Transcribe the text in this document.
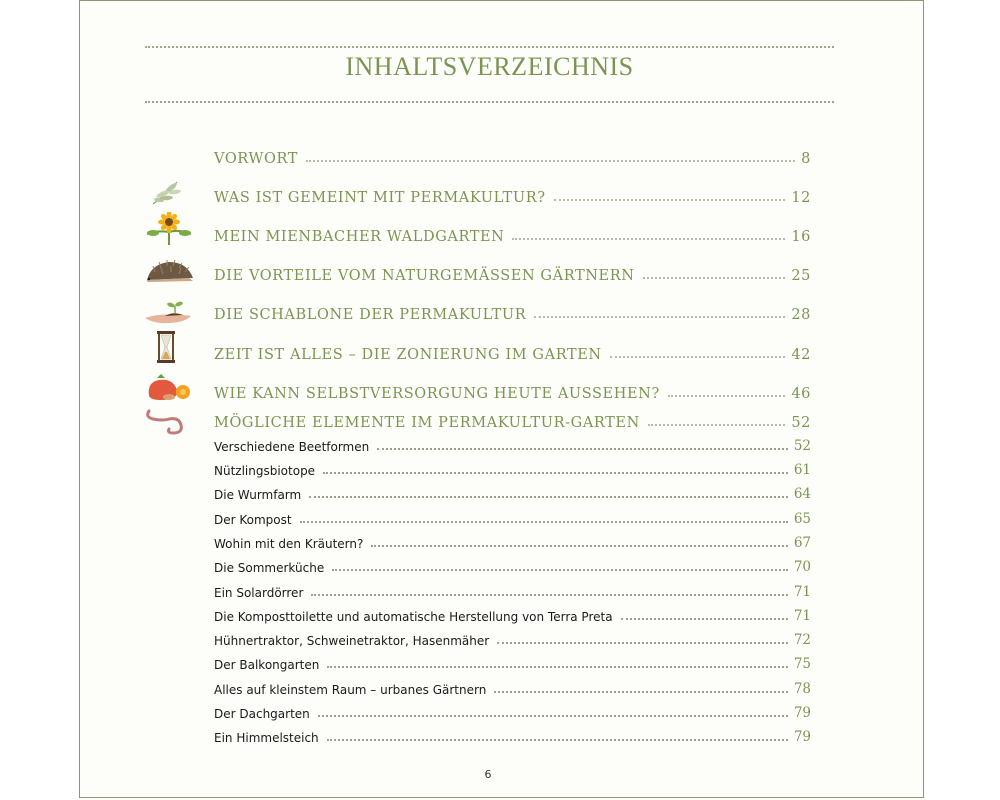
INHALTSVERZEICHNIS
VORWORT	8
WAS IST GEMEINT MIT PERMAKULTUR?	12
MEIN MIENBACHER WALDGARTEN	16
DIE VORTEILE VOM NATURGEMÄSSEN GÄRTNERN	25
DIE SCHABLONE DER PERMAKULTUR	28
ZEIT IST ALLES – DIE ZONIERUNG IM GARTEN	42
WIE KANN SELBSTVERSORGUNG HEUTE AUSSEHEN?	46
MÖGLICHE ELEMENTE IM PERMAKULTUR-GARTEN	52
Verschiedene Beetformen	52
Nützlingsbiotope	61
Die Wurmfarm	64
Der Kompost	65
Wohin mit den Kräutern?	67
Die Sommerküche	70
Ein Solardörrer	71
Die Komposttoilette und automatische Herstellung von Terra Preta	71
Hühnertraktor, Schweinetraktor, Hasenmäher	72
Der Balkongarten	75
Alles auf kleinstem Raum – urbanes Gärtnern	78
Der Dachgarten	79
Ein Himmelsteich	79
6
